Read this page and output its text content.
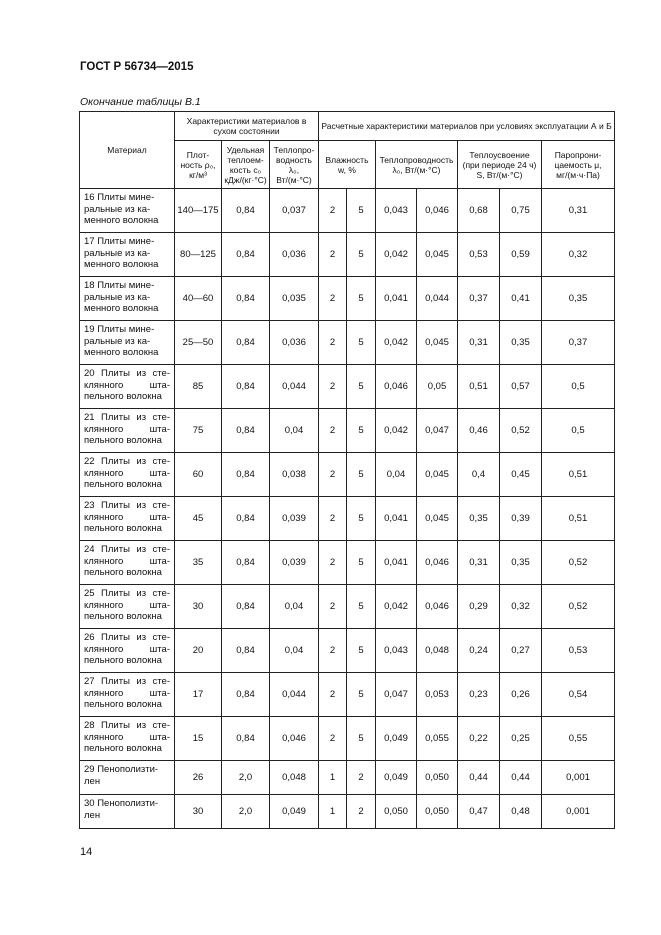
ГОСТ Р 56734—2015
Окончание таблицы В.1
Материал	Характеристики материалов в сухом состоянии			Расчетные характеристики материалов при условиях эксплуатации А и Б						
	Плот-ность ρ₀, кг/м³	Удельная теплоем-кость c₀ кДж/(кг·°С)	Теплопро-водность λ₀, Вт/(м·°С)	Влажность w, %		Теплопроводность λ₀, Вт/(м·°С)		Теплоусвоение (при периоде 24 ч) S, Вт/(м·°С)		Паропрони-цаемость μ, мг/(м·ч·Па)

16 Плиты мине-ральные из ка-менного волокна	140—175	0,84	0,037	2	5	0,043	0,046	0,68	0,75	0,31

17 Плиты мине-ральные из ка-менного волокна	80—125	0,84	0,036	2	5	0,042	0,045	0,53	0,59	0,32

18 Плиты мине-ральные из ка-менного волокна	40—60	0,84	0,035	2	5	0,041	0,044	0,37	0,41	0,35

19 Плиты мине-ральные из ка-менного волокна	25—50	0,84	0,036	2	5	0,042	0,045	0,31	0,35	0,37

20 Плиты из сте-клянного шта-пельного волокна	85	0,84	0,044	2	5	0,046	0,05	0,51	0,57	0,5

21 Плиты из сте-клянного шта-пельного волокна	75	0,84	0,04	2	5	0,042	0,047	0,46	0,52	0,5

22 Плиты из сте-клянного шта-пельного волокна	60	0,84	0,038	2	5	0,04	0,045	0,4	0,45	0,51

23 Плиты из сте-клянного шта-пельного волокна	45	0,84	0,039	2	5	0,041	0,045	0,35	0,39	0,51

24 Плиты из сте-клянного шта-пельного волокна	35	0,84	0,039	2	5	0,041	0,046	0,31	0,35	0,52

25 Плиты из сте-клянного шта-пельного волокна	30	0,84	0,04	2	5	0,042	0,046	0,29	0,32	0,52

26 Плиты из сте-клянного шта-пельного волокна	20	0,84	0,04	2	5	0,043	0,048	0,24	0,27	0,53

27 Плиты из сте-клянного шта-пельного волокна	17	0,84	0,044	2	5	0,047	0,053	0,23	0,26	0,54

28 Плиты из сте-клянного шта-пельного волокна	15	0,84	0,046	2	5	0,049	0,055	0,22	0,25	0,55

29 Пенополизти-лен	26	2,0	0,048	1	2	0,049	0,050	0,44	0,44	0,001

30 Пенополизти-лен	30	2,0	0,049	1	2	0,050	0,050	0,47	0,48	0,001
14
